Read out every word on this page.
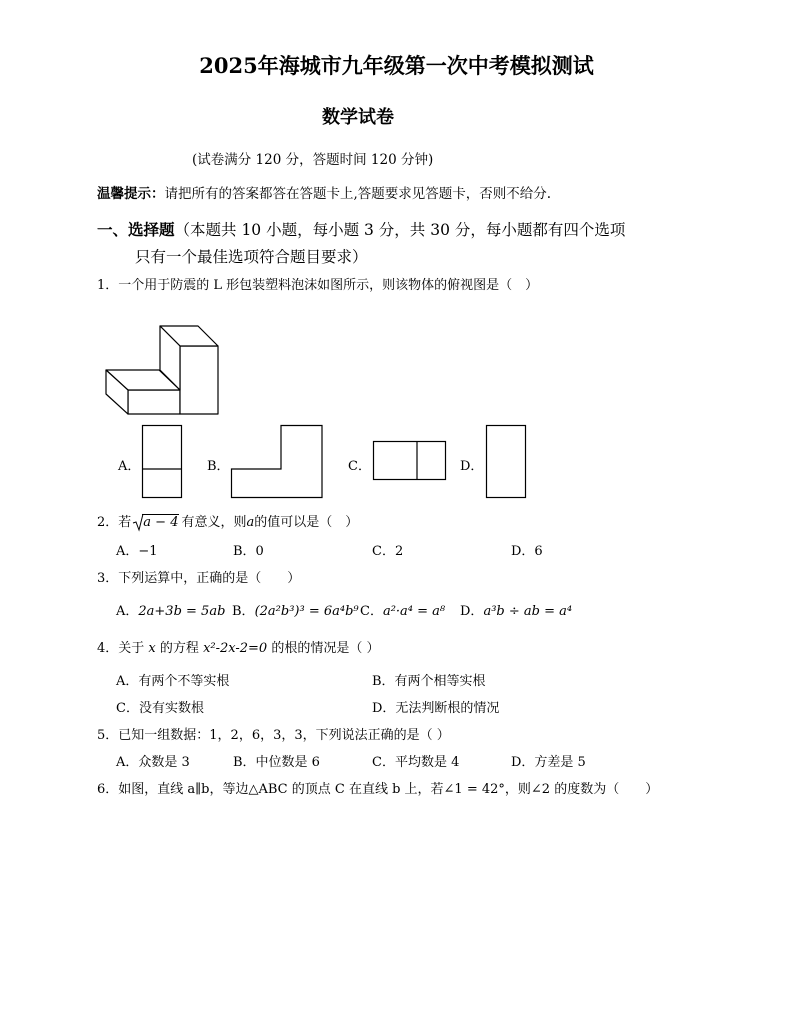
2025年海城市九年级第一次中考模拟测试
数学试卷
(试卷满分 120 分，答题时间 120 分钟)
温馨提示：请把所有的答案都答在答题卡上,答题要求见答题卡，否则不给分.
一、选择题（本题共 10 小题，每小题 3 分，共 30 分，每小题都有四个选项
只有一个最佳选项符合题目要求）
1．一个用于防震的 L 形包装塑料泡沫如图所示，则该物体的俯视图是（　）
A．	B．	C．	D．
2．若 a − 4 有意义，则a的值可以是（　）
A．−1	B．0	C．2	D．6
3．下列运算中，正确的是（　　）
A．2a+3b = 5ab B．(2a²b³)³ = 6a⁴b⁹ C．a²·a⁴ = a⁸ D．a³b ÷ ab = a⁴
4．关于 x 的方程 x²-2x-2=0 的根的情况是（ ）
A．有两个不等实根	B．有两个相等实根
C．没有实数根	D．无法判断根的情况
5．已知一组数据：1，2，6，3，3，下列说法正确的是（ ）
A．众数是 3	B．中位数是 6	C．平均数是 4	D．方差是 5
6．如图，直线 a∥b，等边△ABC 的顶点 C 在直线 b 上，若∠1 = 42°，则∠2 的度数为（　　）
